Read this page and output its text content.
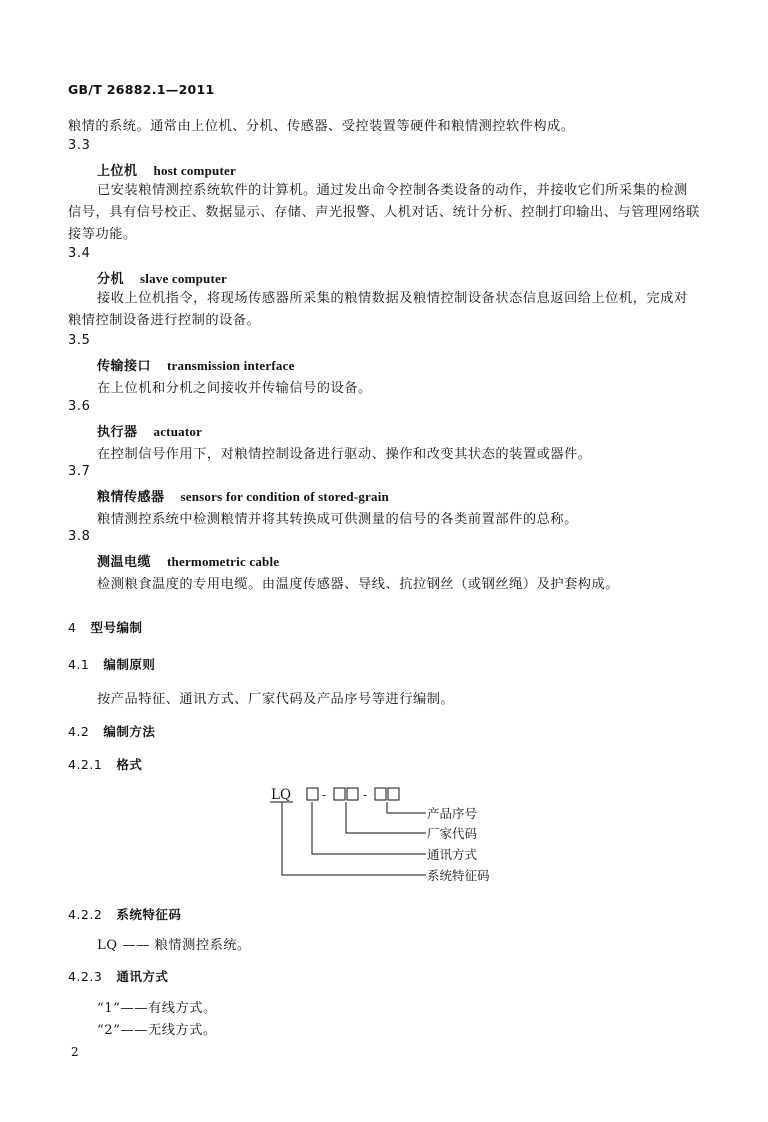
GB/T 26882.1—2011
粮情的系统。通常由上位机、分机、传感器、受控装置等硬件和粮情测控软件构成。
3.3
上位机 host computer
已安装粮情测控系统软件的计算机。通过发出命令控制各类设备的动作，并接收它们所采集的检测信号，具有信号校正、数据显示、存储、声光报警、人机对话、统计分析、控制打印输出、与管理网络联接等功能。
3.4
分机 slave computer
接收上位机指令，将现场传感器所采集的粮情数据及粮情控制设备状态信息返回给上位机，完成对粮情控制设备进行控制的设备。
3.5
传输接口 transmission interface
在上位机和分机之间接收并传输信号的设备。
3.6
执行器 actuator
在控制信号作用下，对粮情控制设备进行驱动、操作和改变其状态的装置或器件。
3.7
粮情传感器 sensors for condition of stored-grain
粮情测控系统中检测粮情并将其转换成可供测量的信号的各类前置部件的总称。
3.8
测温电缆 thermometric cable
检测粮食温度的专用电缆。由温度传感器、导线、抗拉钢丝（或钢丝绳）及护套构成。
4 型号编制
4.1 编制原则
按产品特征、通讯方式、厂家代码及产品序号等进行编制。
4.2 编制方法
4.2.1 格式
LQ	-	-
产品序号
厂家代码
通讯方式
系统特征码
4.2.2 系统特征码
LQ —— 粮情测控系统。
4.2.3 通讯方式
“1”——有线方式。
“2”——无线方式。
2
